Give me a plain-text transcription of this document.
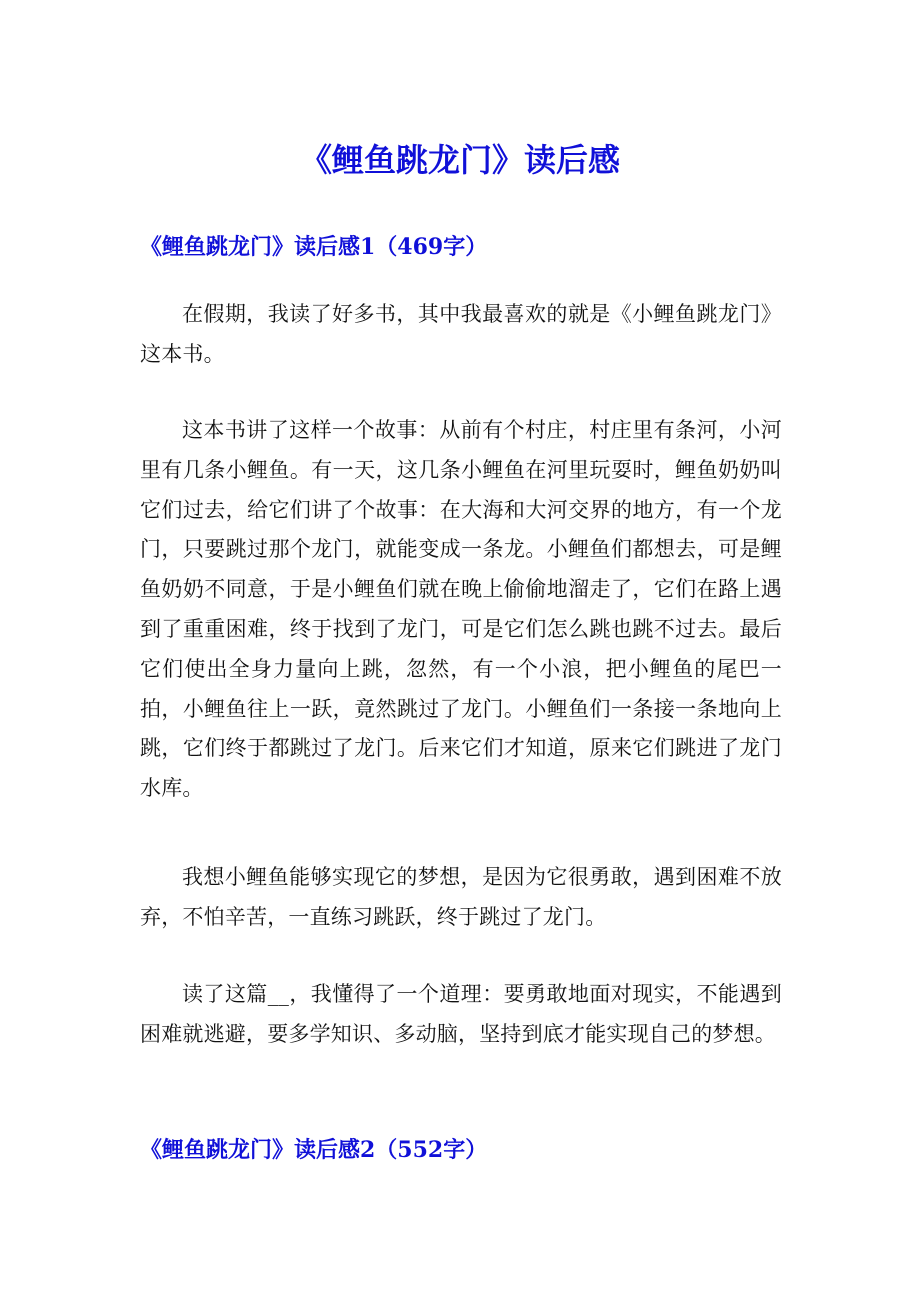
《鲤鱼跳龙门》读后感
《鲤鱼跳龙门》读后感1（469字）

在假期，我读了好多书，其中我最喜欢的就是《小鲤鱼跳龙门》这本书。

这本书讲了这样一个故事：从前有个村庄，村庄里有条河，小河里有几条小鲤鱼。有一天，这几条小鲤鱼在河里玩耍时，鲤鱼奶奶叫它们过去，给它们讲了个故事：在大海和大河交界的地方，有一个龙门，只要跳过那个龙门，就能变成一条龙。小鲤鱼们都想去，可是鲤鱼奶奶不同意，于是小鲤鱼们就在晚上偷偷地溜走了，它们在路上遇到了重重困难，终于找到了龙门，可是它们怎么跳也跳不过去。最后它们使出全身力量向上跳，忽然，有一个小浪，把小鲤鱼的尾巴一拍，小鲤鱼往上一跃，竟然跳过了龙门。小鲤鱼们一条接一条地向上跳，它们终于都跳过了龙门。后来它们才知道，原来它们跳进了龙门水库。

我想小鲤鱼能够实现它的梦想，是因为它很勇敢，遇到困难不放弃，不怕辛苦，一直练习跳跃，终于跳过了龙门。

读了这篇__，我懂得了一个道理：要勇敢地面对现实，不能遇到困难就逃避，要多学知识、多动脑，坚持到底才能实现自己的梦想。

《鲤鱼跳龙门》读后感2（552字）
